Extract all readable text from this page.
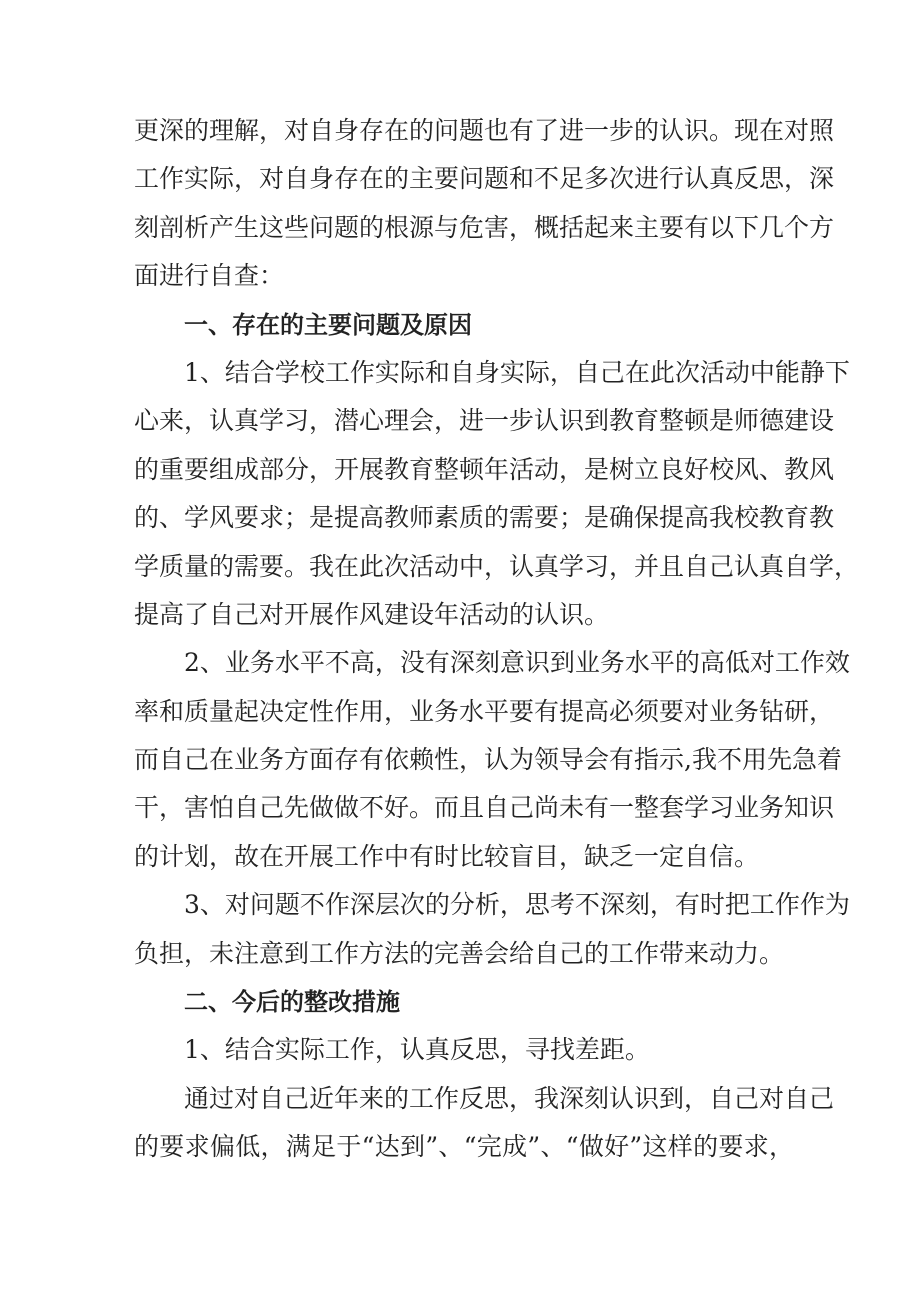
更深的理解，对自身存在的问题也有了进一步的认识。现在对照
工作实际，对自身存在的主要问题和不足多次进行认真反思，深
刻剖析产生这些问题的根源与危害，概括起来主要有以下几个方
面进行自查：
一、存在的主要问题及原因
1、结合学校工作实际和自身实际，自己在此次活动中能静下
心来，认真学习，潜心理会，进一步认识到教育整顿是师德建设
的重要组成部分，开展教育整顿年活动，是树立良好校风、教风
的、学风要求；是提高教师素质的需要；是确保提高我校教育教
学质量的需要。我在此次活动中，认真学习，并且自己认真自学，
提高了自己对开展作风建设年活动的认识。
2、业务水平不高，没有深刻意识到业务水平的高低对工作效
率和质量起决定性作用，业务水平要有提高必须要对业务钻研，
而自己在业务方面存有依赖性，认为领导会有指示,我不用先急着
干，害怕自己先做做不好。而且自己尚未有一整套学习业务知识
的计划，故在开展工作中有时比较盲目，缺乏一定自信。
3、对问题不作深层次的分析，思考不深刻，有时把工作作为
负担，未注意到工作方法的完善会给自己的工作带来动力。
二、今后的整改措施
1、结合实际工作，认真反思，寻找差距。
通过对自己近年来的工作反思，我深刻认识到，自己对自己
的要求偏低，满足于“达到”、“完成”、“做好”这样的要求，
